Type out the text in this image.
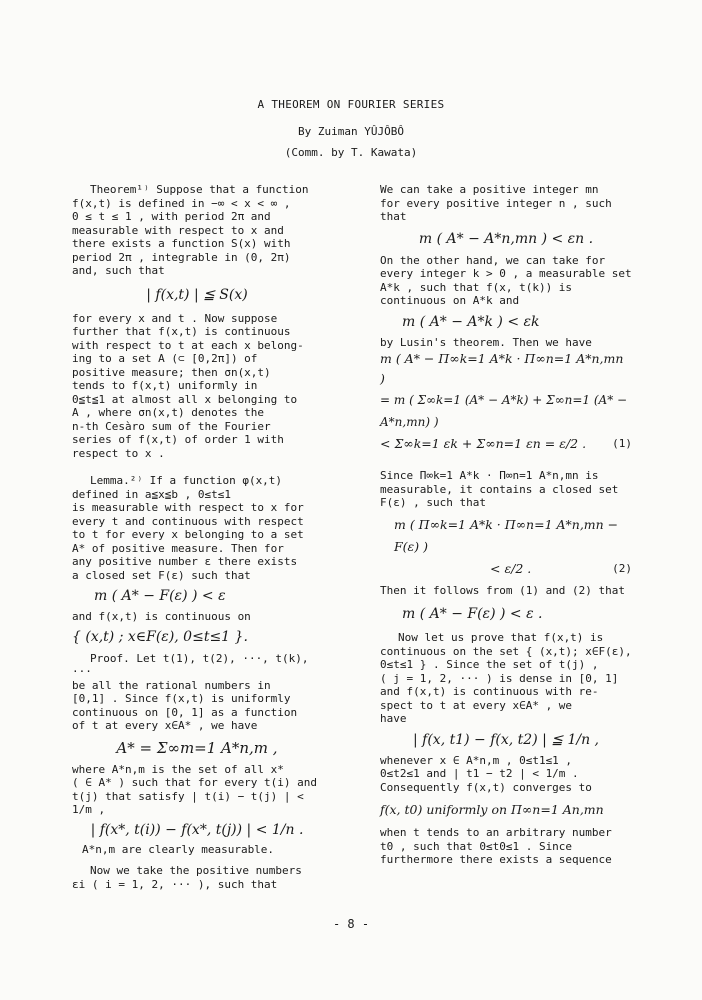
A THEOREM ON FOURIER SERIES
By Zuiman YÛJÔBÔ
(Comm. by T. Kawata)

Theorem¹⁾ Suppose that a function

f(x,t) is defined in −∞ < x < ∞ ,

0 ≤ t ≤ 1 , with period 2π and

measurable with respect to x and

there exists a function S(x) with

period 2π , integrable in (0, 2π)

and, such that

| f(x,t) | ≦ S(x)

for every x and t . Now suppose

further that f(x,t) is continuous

with respect to t at each x belong-

ing to a set A (⊂ [0,2π]) of

positive measure; then σn(x,t)

tends to f(x,t) uniformly in

0≦t≦1 at almost all x belonging to

A , where σn(x,t) denotes the

n-th Cesàro sum of the Fourier

series of f(x,t) of order 1 with

respect to x .

Lemma.²⁾ If a function φ(x,t)

defined in a≦x≦b , 0≤t≤1

is measurable with respect to x for

every t and continuous with respect

to t for every x belonging to a set

A* of positive measure. Then for

any positive number ε there exists

a closed set F(ε) such that

m ( A* − F(ε) ) < ε

and f(x,t) is continuous on

{ (x,t) ; x∈F(ε), 0≤t≤1 }.

Proof. Let t(1), t(2), ···, t(k), ···

be all the rational numbers in

[0,1] . Since f(x,t) is uniformly

continuous on [0, 1] as a function

of t at every x∈A* , we have

A* = Σ∞m=1 A*n,m ,

where A*n,m is the set of all x*

( ∈ A* ) such that for every t(i) and

t(j) that satisfy | t(i) − t(j) | < 1/m ,

| f(x*, t(i)) − f(x*, t(j)) | < 1/n .

A*n,m are clearly measurable.

Now we take the positive numbers

εi ( i = 1, 2, ··· ), such that

We can take a positive integer mn

for every positive integer n , such

that

m ( A* − A*n,mn ) < εn .

On the other hand, we can take for

every integer k > 0 , a measurable set

A*k , such that f(x, t(k)) is

continuous on A*k and

m ( A* − A*k ) < εk

by Lusin's theorem. Then we have

m ( A* − Π∞k=1 A*k · Π∞n=1 A*n,mn )

= m ( Σ∞k=1 (A* − A*k) + Σ∞n=1 (A* − A*n,mn) )

< Σ∞k=1 εk + Σ∞n=1 εn = ε/2 . (1)

Since Π∞k=1 A*k · Π∞n=1 A*n,mn is

measurable, it contains a closed set

F(ε) , such that

m ( Π∞k=1 A*k · Π∞n=1 A*n,mn − F(ε) )

< ε/2 .	(2)

Then it follows from (1) and (2) that

m ( A* − F(ε) ) < ε .

Now let us prove that f(x,t) is

continuous on the set { (x,t); x∈F(ε),

0≤t≤1 } . Since the set of t(j) ,

( j = 1, 2, ··· ) is dense in [0, 1]

and f(x,t) is continuous with re-

spect to t at every x∈A* , we

have

| f(x, t1) − f(x, t2) | ≦ 1/n ,

whenever x ∈ A*n,m , 0≤t1≤1 ,

0≤t2≤1 and | t1 − t2 | < 1/m .

Consequently f(x,t) converges to

f(x, t0) uniformly on Π∞n=1 An,mn

when t tends to an arbitrary number

t0 , such that 0≤t0≤1 . Since

furthermore there exists a sequence

- 8 -
